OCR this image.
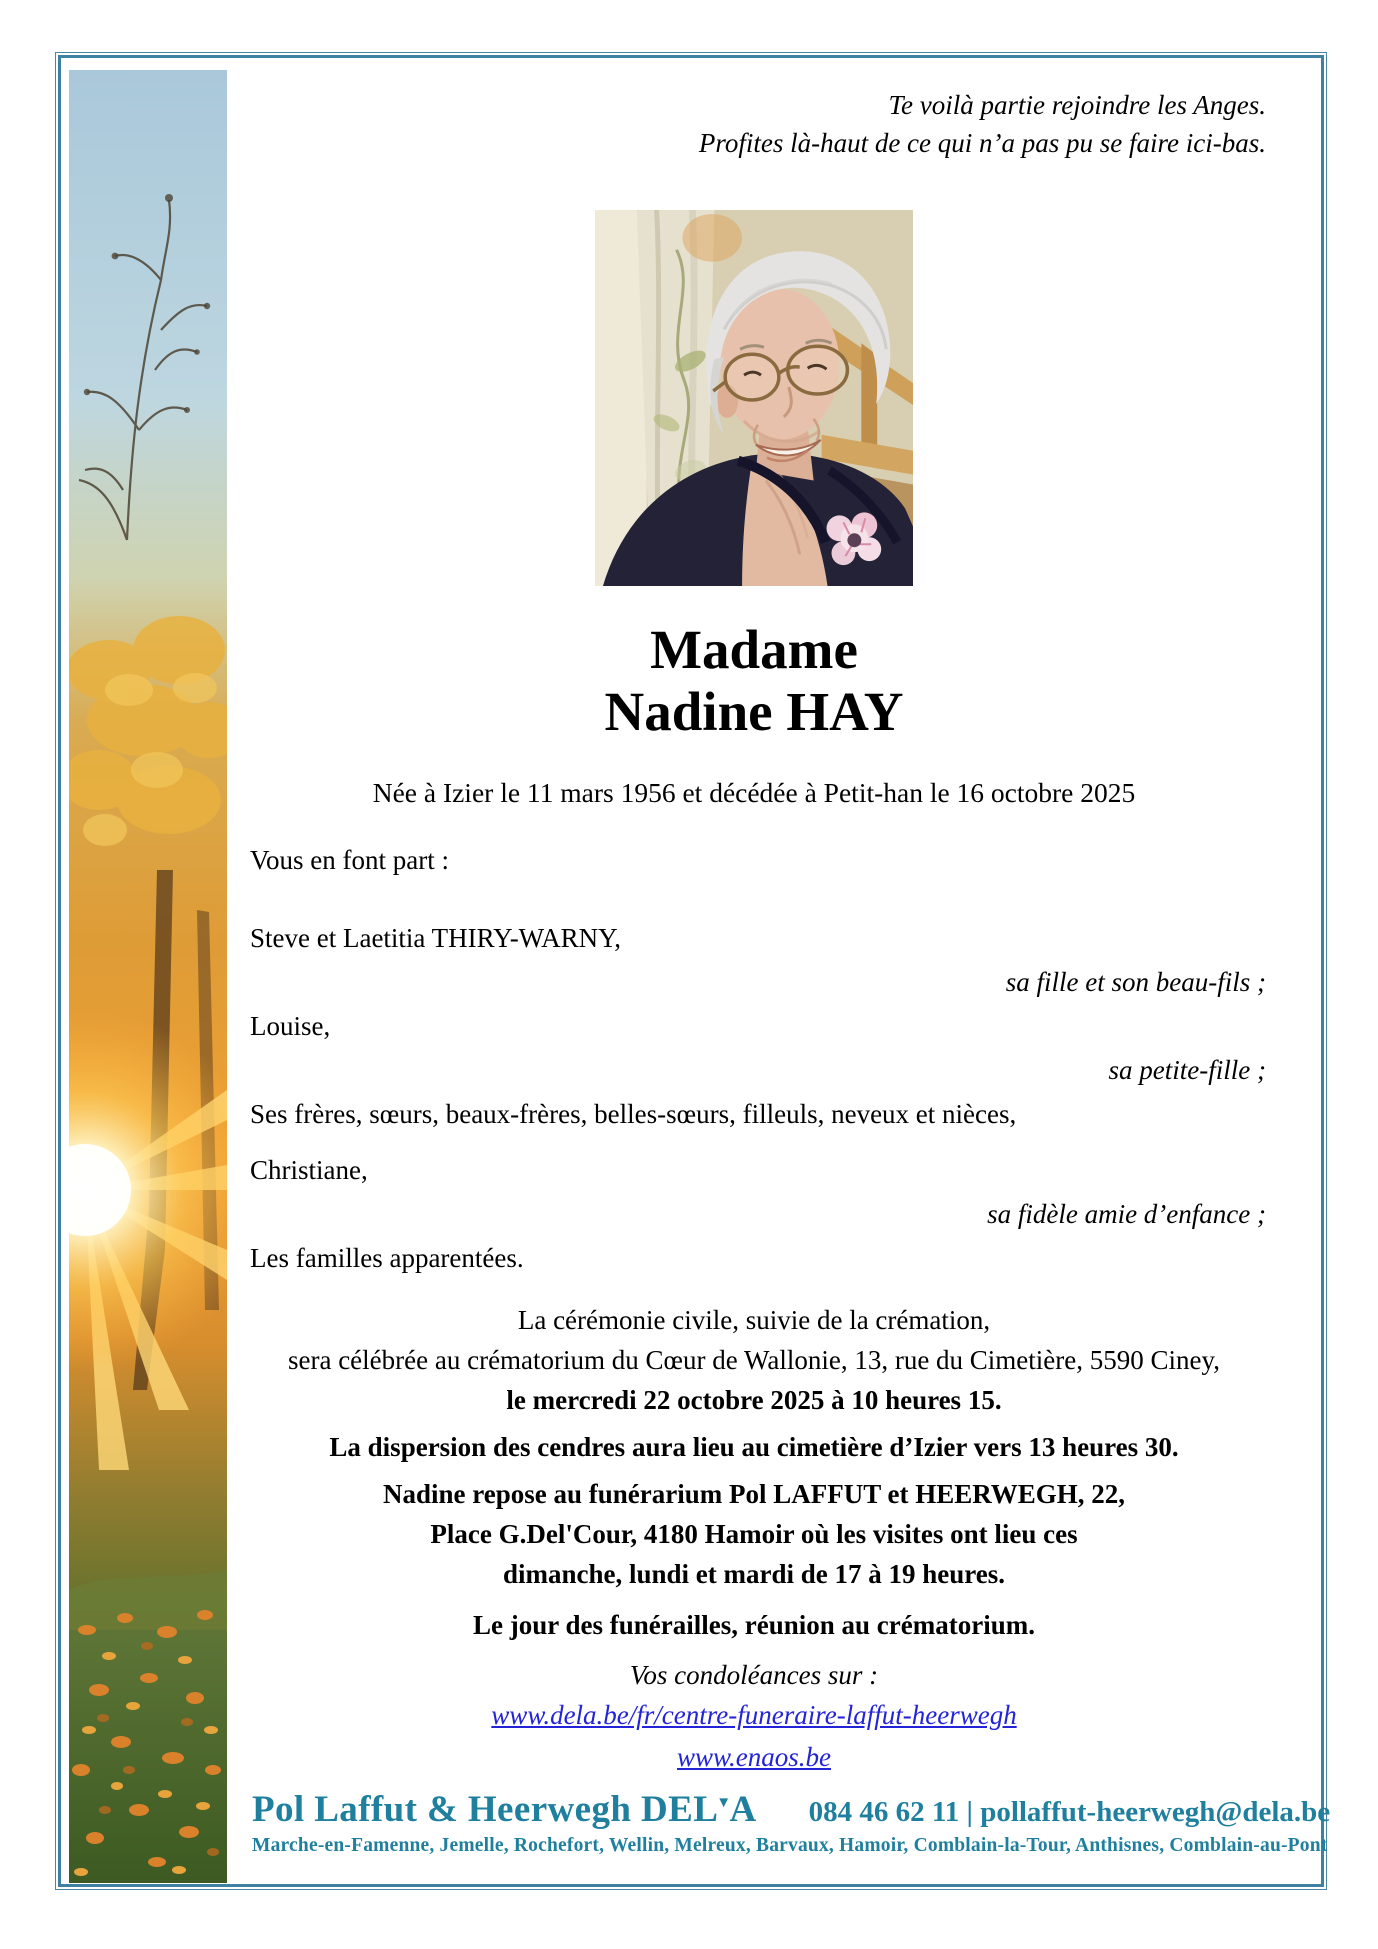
Te voilà partie rejoindre les Anges.
Profites là-haut de ce qui n’a pas pu se faire ici-bas.
Madame
Nadine HAY
Née à Izier le 11 mars 1956 et décédée à Petit-han le 16 octobre 2025
Vous en font part :
Steve et Laetitia THIRY-WARNY,
sa fille et son beau-fils ;
Louise,
sa petite-fille ;
Ses frères, sœurs, beaux-frères, belles-sœurs, filleuls, neveux et nièces,
Christiane,
sa fidèle amie d’enfance ;
Les familles apparentées.
La cérémonie civile, suivie de la crémation,
sera célébrée au crématorium du Cœur de Wallonie, 13, rue du Cimetière, 5590 Ciney,
le mercredi 22 octobre 2025 à 10 heures 15.
La dispersion des cendres aura lieu au cimetière d’Izier vers 13 heures 30.
Nadine repose au funérarium Pol LAFFUT et HEERWEGH, 22,
Place G.Del'Cour, 4180 Hamoir où les visites ont lieu ces
dimanche, lundi et mardi de 17 à 19 heures.
Le jour des funérailles, réunion au crématorium.
Vos condoléances sur :
www.dela.be/fr/centre-funeraire-laffut-heerwegh
www.enaos.be
Pol Laffut & Heerwegh DEL▼A 084 46 62 11 | pollaffut-heerwegh@dela.be
Marche-en-Famenne, Jemelle, Rochefort, Wellin, Melreux, Barvaux, Hamoir, Comblain-la-Tour, Anthisnes, Comblain-au-Pont
